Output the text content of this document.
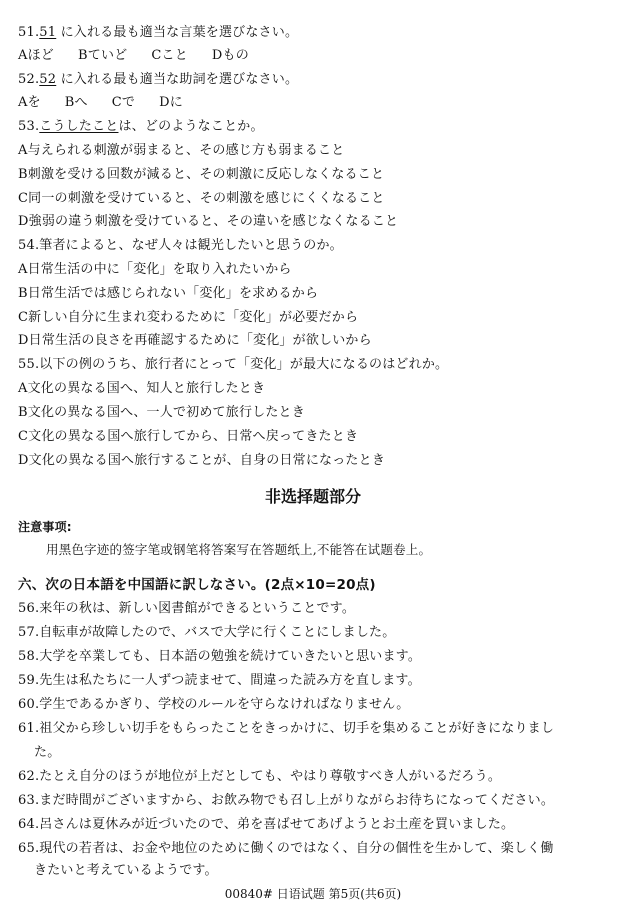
51.51 に入れる最も適当な言葉を選びなさい。
Aほど Bていど Cこと Dもの
52.52 に入れる最も適当な助詞を選びなさい。
Aを Bへ Cで Dに
53.こうしたことは、どのようなことか。
A与えられる刺激が弱まると、その感じ方も弱まること
B刺激を受ける回数が減ると、その刺激に反応しなくなること
C同一の刺激を受けていると、その刺激を感じにくくなること
D強弱の違う刺激を受けていると、その違いを感じなくなること
54.筆者によると、なぜ人々は観光したいと思うのか。
A日常生活の中に「変化」を取り入れたいから
B日常生活では感じられない「変化」を求めるから
C新しい自分に生まれ変わるために「変化」が必要だから
D日常生活の良さを再確認するために「変化」が欲しいから
55.以下の例のうち、旅行者にとって「変化」が最大になるのはどれか。
A文化の異なる国へ、知人と旅行したとき
B文化の異なる国へ、一人で初めて旅行したとき
C文化の異なる国へ旅行してから、日常へ戻ってきたとき
D文化の異なる国へ旅行することが、自身の日常になったとき
非选择题部分
注意事项:
用黑色字迹的签字笔或钢笔将答案写在答题纸上,不能答在试题卷上。
六、次の日本語を中国語に訳しなさい。(2点×10=20点)
56.来年の秋は、新しい図書館ができるということです。
57.自転車が故障したので、バスで大学に行くことにしました。
58.大学を卒業しても、日本語の勉強を続けていきたいと思います。
59.先生は私たちに一人ずつ読ませて、間違った読み方を直します。
60.学生であるかぎり、学校のルールを守らなければなりません。
61.祖父から珍しい切手をもらったことをきっかけに、切手を集めることが好きになりまし
た。
62.たとえ自分のほうが地位が上だとしても、やはり尊敬すべき人がいるだろう。
63.まだ時間がございますから、お飲み物でも召し上がりながらお待ちになってください。
64.呂さんは夏休みが近づいたので、弟を喜ばせてあげようとお土産を買いました。
65.現代の若者は、お金や地位のために働くのではなく、自分の個性を生かして、楽しく働
きたいと考えているようです。
00840# 日语试题 第5页(共6页)
